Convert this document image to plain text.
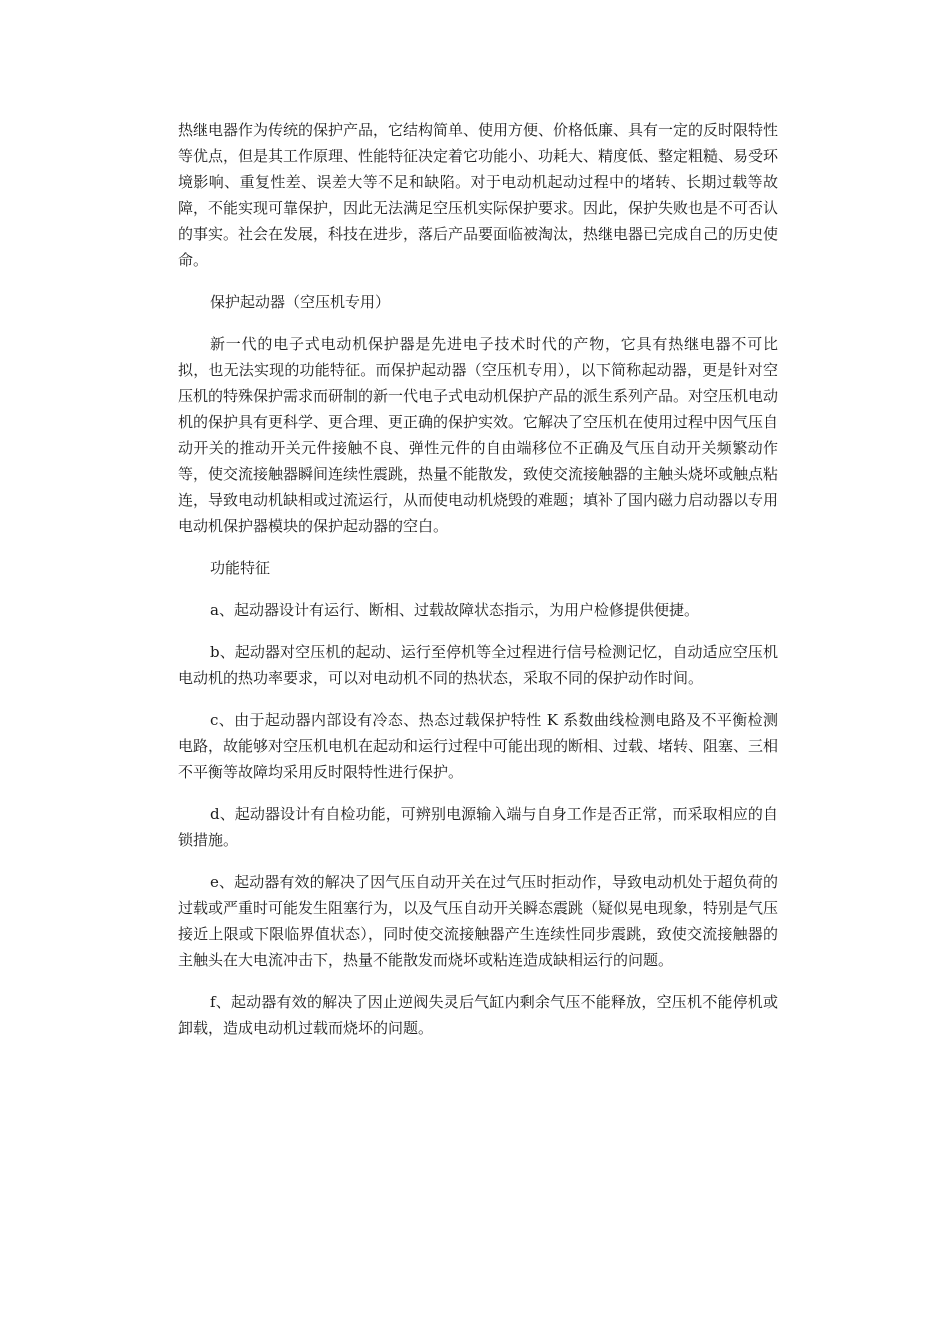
热继电器作为传统的保护产品，它结构简单、使用方便、价格低廉、具有一定的反时限特性等优点，但是其工作原理、性能特征决定着它功能小、功耗大、精度低、整定粗糙、易受环境影响、重复性差、误差大等不足和缺陷。对于电动机起动过程中的堵转、长期过载等故障，不能实现可靠保护，因此无法满足空压机实际保护要求。因此，保护失败也是不可否认的事实。社会在发展，科技在进步，落后产品要面临被淘汰，热继电器已完成自己的历史使命。

保护起动器（空压机专用）

新一代的电子式电动机保护器是先进电子技术时代的产物，它具有热继电器不可比拟，也无法实现的功能特征。而保护起动器（空压机专用），以下简称起动器，更是针对空压机的特殊保护需求而研制的新一代电子式电动机保护产品的派生系列产品。对空压机电动机的保护具有更科学、更合理、更正确的保护实效。它解决了空压机在使用过程中因气压自动开关的推动开关元件接触不良、弹性元件的自由端移位不正确及气压自动开关频繁动作等，使交流接触器瞬间连续性震跳，热量不能散发，致使交流接触器的主触头烧坏或触点粘连，导致电动机缺相或过流运行，从而使电动机烧毁的难题；填补了国内磁力启动器以专用电动机保护器模块的保护起动器的空白。

功能特征

a、起动器设计有运行、断相、过载故障状态指示，为用户检修提供便捷。

b、起动器对空压机的起动、运行至停机等全过程进行信号检测记忆，自动适应空压机电动机的热功率要求，可以对电动机不同的热状态，采取不同的保护动作时间。

c、由于起动器内部设有冷态、热态过载保护特性 K 系数曲线检测电路及不平衡检测电路，故能够对空压机电机在起动和运行过程中可能出现的断相、过载、堵转、阻塞、三相不平衡等故障均采用反时限特性进行保护。

d、起动器设计有自检功能，可辨别电源输入端与自身工作是否正常，而采取相应的自锁措施。

e、起动器有效的解决了因气压自动开关在过气压时拒动作，导致电动机处于超负荷的过载或严重时可能发生阻塞行为，以及气压自动开关瞬态震跳（疑似晃电现象，特别是气压接近上限或下限临界值状态），同时使交流接触器产生连续性同步震跳，致使交流接触器的主触头在大电流冲击下，热量不能散发而烧坏或粘连造成缺相运行的问题。

f、起动器有效的解决了因止逆阀失灵后气缸内剩余气压不能释放，空压机不能停机或卸载，造成电动机过载而烧坏的问题。
